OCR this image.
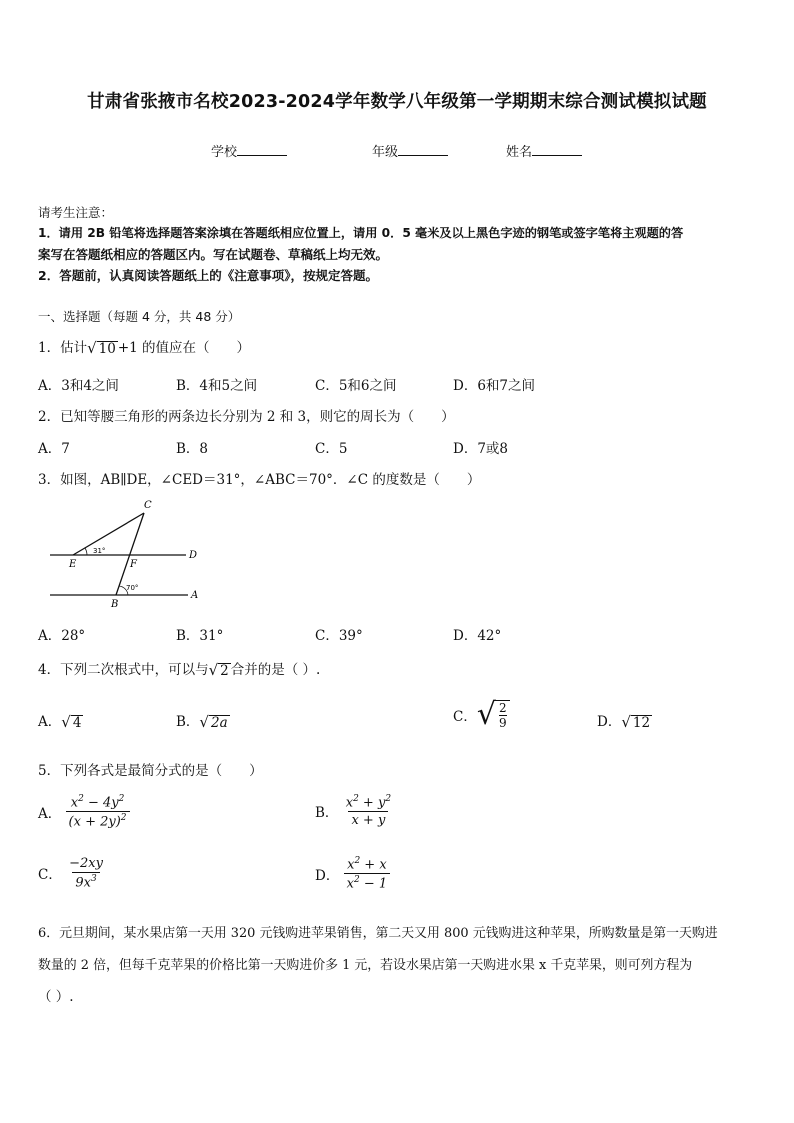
甘肃省张掖市名校2023-2024学年数学八年级第一学期期末综合测试模拟试题
学校	年级	姓名
请考生注意：
1．请用 2B 铅笔将选择题答案涂填在答题纸相应位置上，请用 0．5 毫米及以上黑色字迹的钢笔或签字笔将主观题的答
案写在答题纸相应的答题区内。写在试题卷、草稿纸上均无效。
2．答题前，认真阅读答题纸上的《注意事项》，按规定答题。
一、选择题（每题 4 分，共 48 分）
1．估计 √ 10 +1 的值应在（　　）
A．3和4之间	B．4和5之间	C．5和6之间	D．6和7之间
2．已知等腰三角形的两条边长分别为 2 和 3，则它的周长为（　　）
A．7	B．8	C．5	D．7或8
3．如图，AB∥DE，∠CED＝31°，∠ABC＝70°．∠C 的度数是（　　）
C
D
E	F
A
B
31°
70°
A．28°	B．31°	C．39°	D．42°
4．下列二次根式中，可以与 √ 2 合并的是（ ）.
A． √ 4	B． √ 2a	C． √ $\frac{2}{9}$	D． √ 12
5．下列各式是最简分式的是（　　）
A． $\frac{x^2 - 4y^2}{(x + 2y)^2}$	B． $\frac{x^2 + y^2}{x + y}$
C． $\frac{-2xy}{9x^3}$	D． $\frac{x^2 + x}{x^2 - 1}$
6．元旦期间，某水果店第一天用 320 元钱购进苹果销售，第二天又用 800 元钱购进这种苹果，所购数量是第一天购进
数量的 2 倍，但每千克苹果的价格比第一天购进价多 1 元，若设水果店第一天购进水果 x 千克苹果，则可列方程为
（ ）.
